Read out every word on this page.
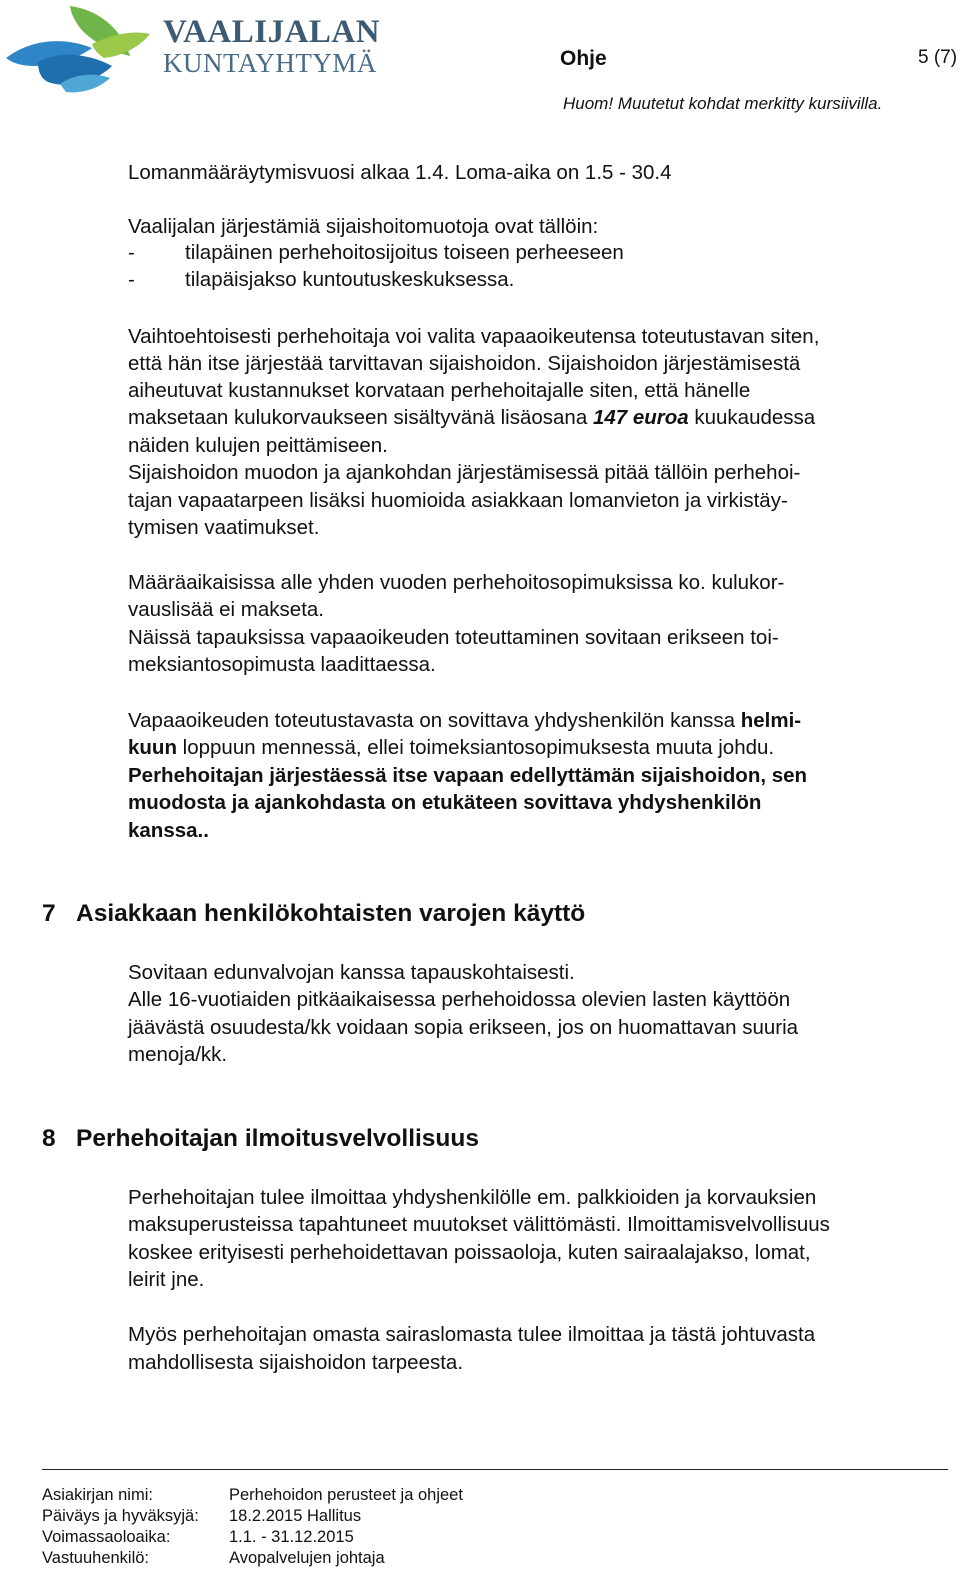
VAALIJALAN
KUNTAYHTYMÄ	Ohje	5 (7)
Huom! Muutetut kohdat merkitty kursiivilla.
Lomanmääräytymisvuosi alkaa 1.4. Loma-aika on 1.5 - 30.4
Vaalijalan järjestämiä sijaishoitomuotoja ovat tällöin:
- tilapäinen perhehoitosijoitus toiseen perheeseen
- tilapäisjakso kuntoutuskeskuksessa.
Vaihtoehtoisesti perhehoitaja voi valita vapaaoikeutensa toteutustavan siten,
että hän itse järjestää tarvittavan sijaishoidon. Sijaishoidon järjestämisestä
aiheutuvat kustannukset korvataan perhehoitajalle siten, että hänelle
maksetaan kulukorvaukseen sisältyvänä lisäosana 147 euroa kuukaudessa
näiden kulujen peittämiseen.
Sijaishoidon muodon ja ajankohdan järjestämisessä pitää tällöin perhehoi-
tajan vapaatarpeen lisäksi huomioida asiakkaan lomanvieton ja virkistäy-
tymisen vaatimukset.
Määräaikaisissa alle yhden vuoden perhehoitosopimuksissa ko. kulukor-
vauslisää ei makseta.
Näissä tapauksissa vapaaoikeuden toteuttaminen sovitaan erikseen toi-
meksiantosopimusta laadittaessa.
Vapaaoikeuden toteutustavasta on sovittava yhdyshenkilön kanssa helmi-
kuun loppuun mennessä, ellei toimeksiantosopimuksesta muuta johdu.
Perhehoitajan järjestäessä itse vapaan edellyttämän sijaishoidon, sen
muodosta ja ajankohdasta on etukäteen sovittava yhdyshenkilön
kanssa..
7 Asiakkaan henkilökohtaisten varojen käyttö
Sovitaan edunvalvojan kanssa tapauskohtaisesti.
Alle 16-vuotiaiden pitkäaikaisessa perhehoidossa olevien lasten käyttöön
jäävästä osuudesta/kk voidaan sopia erikseen, jos on huomattavan suuria
menoja/kk.
8 Perhehoitajan ilmoitusvelvollisuus
Perhehoitajan tulee ilmoittaa yhdyshenkilölle em. palkkioiden ja korvauksien
maksuperusteissa tapahtuneet muutokset välittömästi. Ilmoittamisvelvollisuus
koskee erityisesti perhehoidettavan poissaoloja, kuten sairaalajakso, lomat,
leirit jne.
Myös perhehoitajan omasta sairaslomasta tulee ilmoittaa ja tästä johtuvasta
mahdollisesta sijaishoidon tarpeesta.
Asiakirjan nimi:	Perhehoidon perusteet ja ohjeet
Päiväys ja hyväksyjä: 18.2.2015 Hallitus
Voimassaoloaika:	1.1. - 31.12.2015
Vastuuhenkilö:	Avopalvelujen johtaja
